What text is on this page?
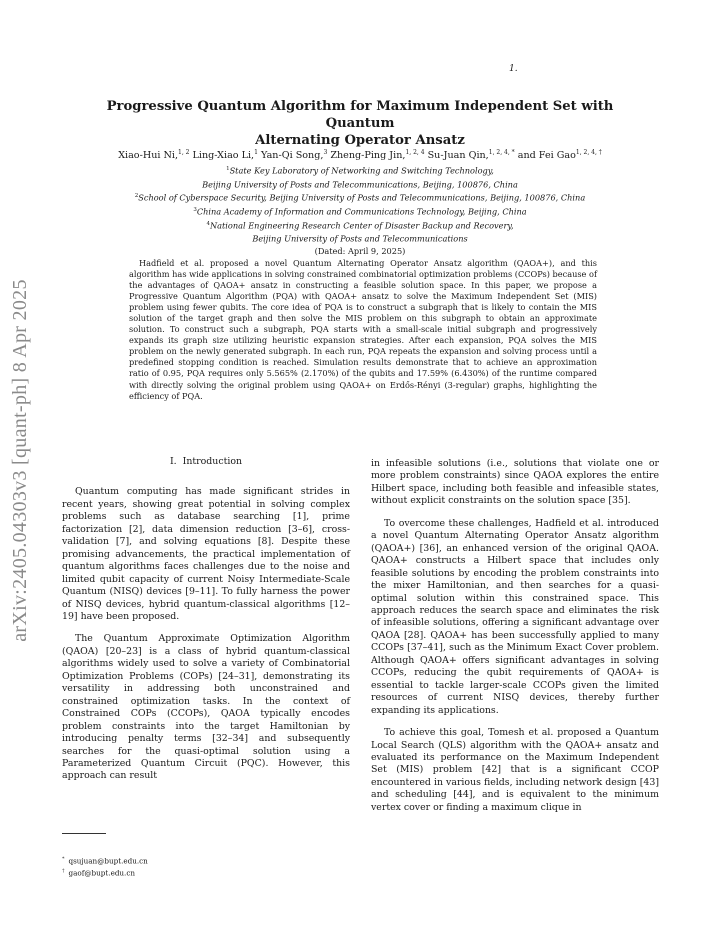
1.
arXiv:2405.04303v3 [quant-ph] 8 Apr 2025
Progressive Quantum Algorithm for Maximum Independent Set with Quantum
Alternating Operator Ansatz

Xiao-Hui Ni,$^{1, 2}$ Ling-Xiao Li,$^1$ Yan-Qi Song,$^3$ Zheng-Ping Jin,$^{1, 2, 4}$ Su-Juan Qin,$^{1, 2, 4, *}$ and Fei Gao$^{1, 2, 4, \dagger}$

$^1$State Key Laboratory of Networking and Switching Technology,
Beijing University of Posts and Telecommunications, Beijing, 100876, China
$^2$School of Cyberspace Security, Beijing University of Posts and Telecommunications, Beijing, 100876, China
$^3$China Academy of Information and Communications Technology, Beijing, China
$^4$National Engineering Research Center of Disaster Backup and Recovery,
Beijing University of Posts and Telecommunications
(Dated: April 9, 2025)

Hadfield et al. proposed a novel Quantum Alternating Operator Ansatz algorithm (QAOA+), and this algorithm has wide applications in solving constrained combinatorial optimization problems (CCOPs) because of the advantages of QAOA+ ansatz in constructing a feasible solution space. In this paper, we propose a Progressive Quantum Algorithm (PQA) with QAOA+ ansatz to solve the Maximum Independent Set (MIS) problem using fewer qubits. The core idea of PQA is to construct a subgraph that is likely to contain the MIS solution of the target graph and then solve the MIS problem on this subgraph to obtain an approximate solution. To construct such a subgraph, PQA starts with a small-scale initial subgraph and progressively expands its graph size utilizing heuristic expansion strategies. After each expansion, PQA solves the MIS problem on the newly generated subgraph. In each run, PQA repeats the expansion and solving process until a predefined stopping condition is reached. Simulation results demonstrate that to achieve an approximation ratio of 0.95, PQA requires only 5.565% (2.170%) of the qubits and 17.59% (6.430%) of the runtime compared with directly solving the original problem using QAOA+ on Erdős-Rényi (3-regular) graphs, highlighting the efficiency of PQA.

I. Introduction

Quantum computing has made significant strides in recent years, showing great potential in solving complex problems such as database searching [1], prime factorization [2], data dimension reduction [3–6], cross-validation [7], and solving equations [8]. Despite these promising advancements, the practical implementation of quantum algorithms faces challenges due to the noise and limited qubit capacity of current Noisy Intermediate-Scale Quantum (NISQ) devices [9–11]. To fully harness the power of NISQ devices, hybrid quantum-classical algorithms [12–19] have been proposed.

The Quantum Approximate Optimization Algorithm (QAOA) [20–23] is a class of hybrid quantum-classical algorithms widely used to solve a variety of Combinatorial Optimization Problems (COPs) [24–31], demonstrating its versatility in addressing both unconstrained and constrained optimization tasks. In the context of Constrained COPs (CCOPs), QAOA typically encodes problem constraints into the target Hamiltonian by introducing penalty terms [32–34] and subsequently searches for the quasi-optimal solution using a Parameterized Quantum Circuit (PQC). However, this approach can result

in infeasible solutions (i.e., solutions that violate one or more problem constraints) since QAOA explores the entire Hilbert space, including both feasible and infeasible states, without explicit constraints on the solution space [35].

To overcome these challenges, Hadfield et al. introduced a novel Quantum Alternating Operator Ansatz algorithm (QAOA+) [36], an enhanced version of the original QAOA. QAOA+ constructs a Hilbert space that includes only feasible solutions by encoding the problem constraints into the mixer Hamiltonian, and then searches for a quasi-optimal solution within this constrained space. This approach reduces the search space and eliminates the risk of infeasible solutions, offering a significant advantage over QAOA [28]. QAOA+ has been successfully applied to many CCOPs [37–41], such as the Minimum Exact Cover problem. Although QAOA+ offers significant advantages in solving CCOPs, reducing the qubit requirements of QAOA+ is essential to tackle larger-scale CCOPs given the limited resources of current NISQ devices, thereby further expanding its applications.

To achieve this goal, Tomesh et al. proposed a Quantum Local Search (QLS) algorithm with the QAOA+ ansatz and evaluated its performance on the Maximum Independent Set (MIS) problem [42] that is a significant CCOP encountered in various fields, including network design [43] and scheduling [44], and is equivalent to the minimum vertex cover or finding a maximum clique in

* qsujuan@bupt.edu.cn
† gaof@bupt.edu.cn
